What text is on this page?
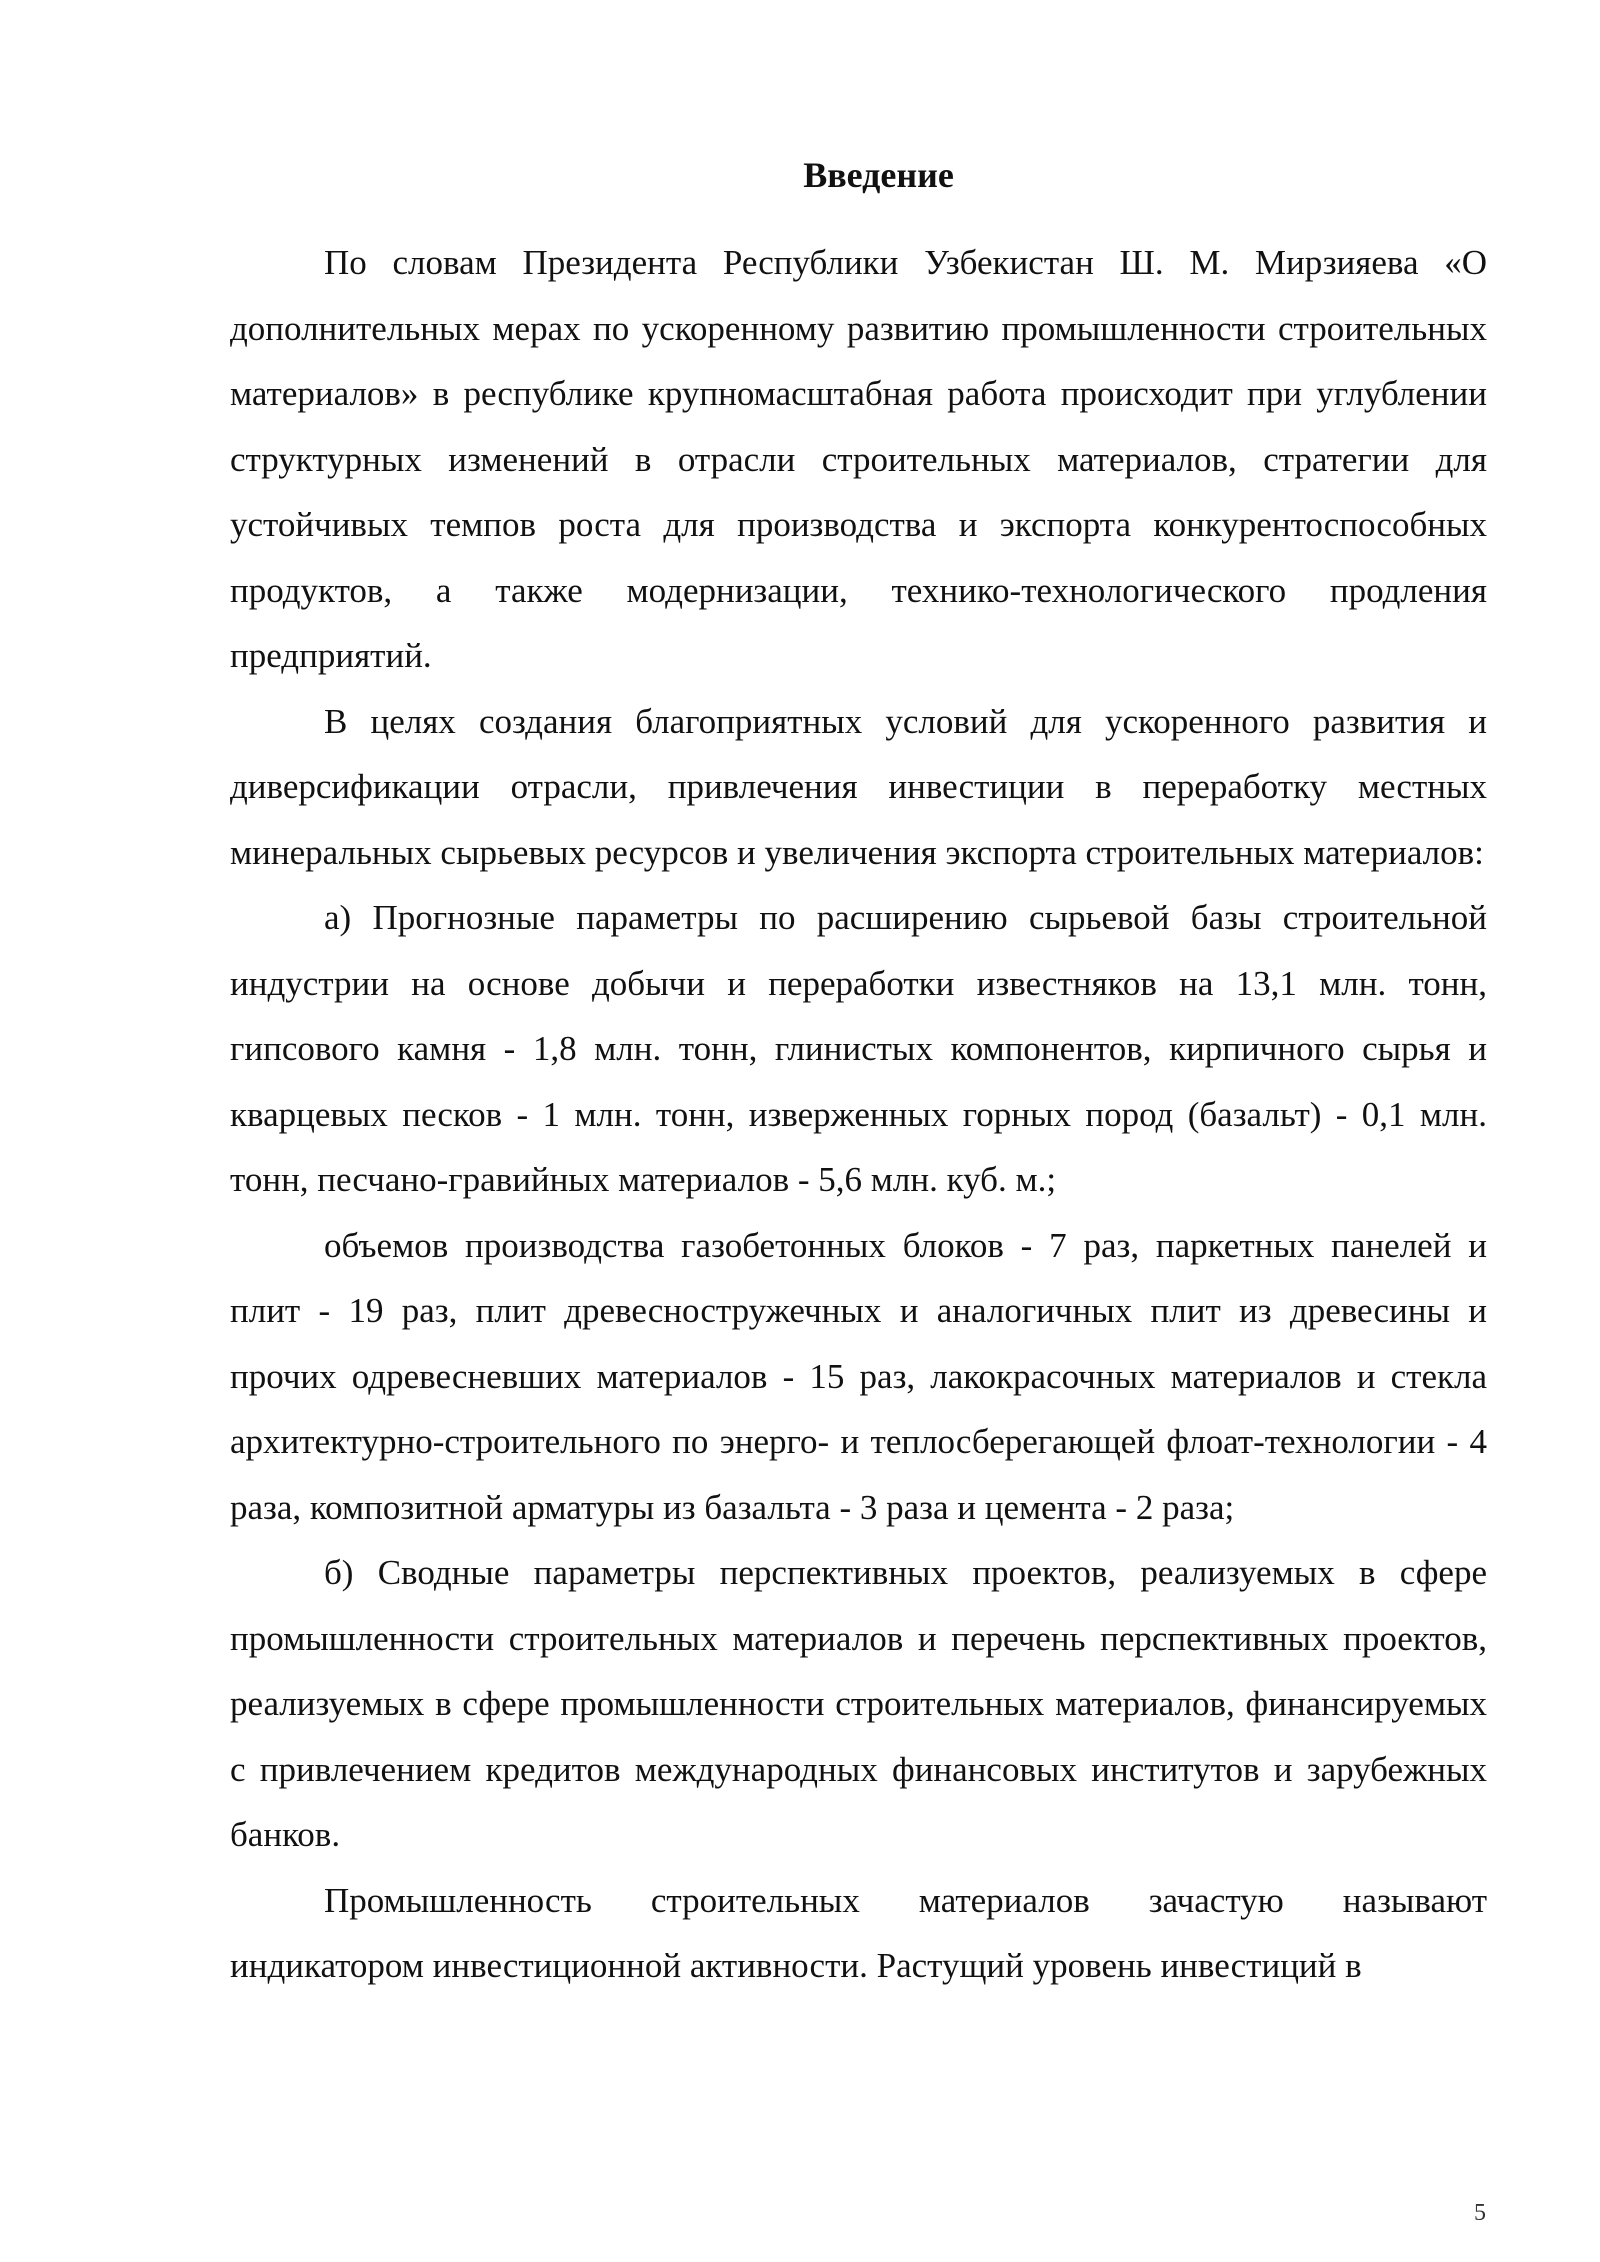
Введение

По словам Президента Республики Узбекистан Ш. М. Мирзияева «О дополнительных мерах по ускоренному развитию промышленности строительных материалов» в республике крупномасштабная работа происходит при углублении структурных изменений в отрасли строительных материалов, стратегии для устойчивых темпов роста для производства и экспорта конкурентоспособных продуктов, а также модернизации, технико-технологического продления предприятий.

В целях создания благоприятных условий для ускоренного развития и диверсификации отрасли, привлечения инвестиции в переработку местных минеральных сырьевых ресурсов и увеличения экспорта строительных материалов:

а) Прогнозные параметры по расширению сырьевой базы строительной индустрии на основе добычи и переработки известняков на 13,1 млн. тонн, гипсового камня - 1,8 млн. тонн, глинистых компонентов, кирпичного сырья и кварцевых песков - 1 млн. тонн, изверженных горных пород (базальт) - 0,1 млн. тонн, песчано-гравийных материалов - 5,6 млн. куб. м.;

объемов производства газобетонных блоков - 7 раз, паркетных панелей и плит - 19 раз, плит древесностружечных и аналогичных плит из древесины и прочих одревесневших материалов - 15 раз, лакокрасочных материалов и стекла архитектурно-строительного по энерго- и теплосберегающей флоат-технологии - 4 раза, композитной арматуры из базальта - 3 раза и цемента - 2 раза;

б) Сводные параметры перспективных проектов, реализуемых в сфере промышленности строительных материалов и перечень перспективных проектов, реализуемых в сфере промышленности строительных материалов, финансируемых с привлечением кредитов международных финансовых институтов и зарубежных банков.

Промышленность строительных материалов зачастую называют индикатором инвестиционной активности. Растущий уровень инвестиций в

5
